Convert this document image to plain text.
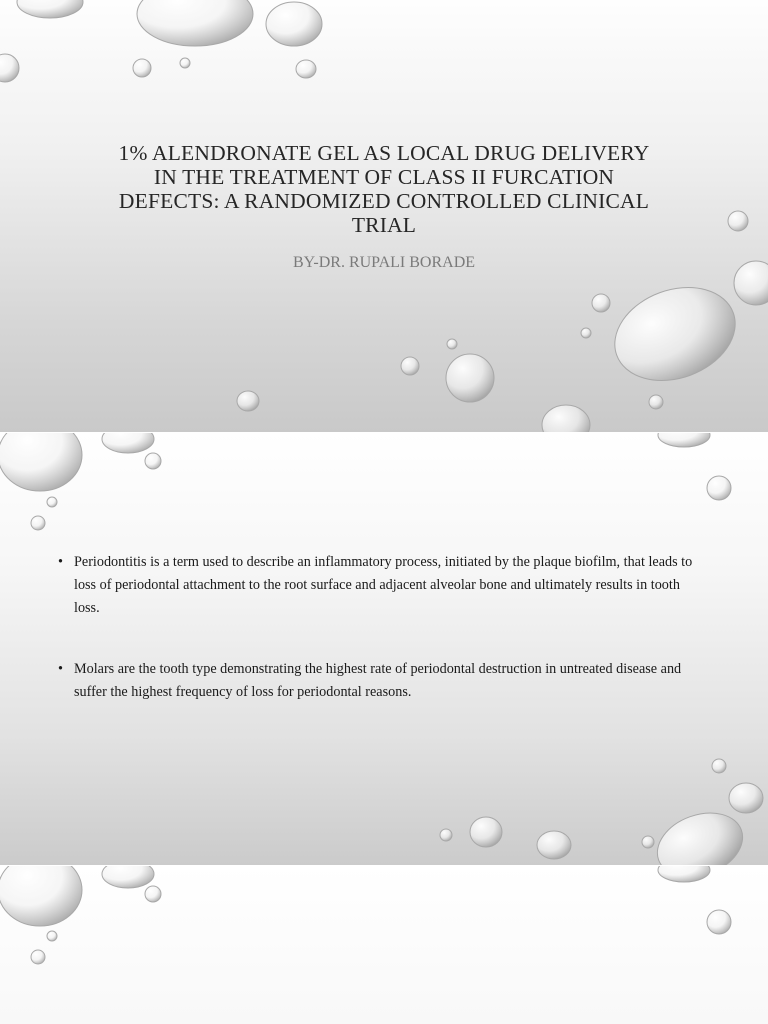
1% ALENDRONATE GEL AS LOCAL DRUG DELIVERY IN THE TREATMENT OF CLASS II FURCATION DEFECTS: A RANDOMIZED CONTROLLED CLINICAL TRIAL

BY-DR. RUPALI BORADE

• Periodontitis is a term used to describe an inflammatory process, initiated by the plaque biofilm, that leads to loss of periodontal attachment to the root surface and adjacent alveolar bone and ultimately results in tooth loss.
• Molars are the tooth type demonstrating the highest rate of periodontal destruction in untreated disease and suffer the highest frequency of loss for periodontal reasons.
